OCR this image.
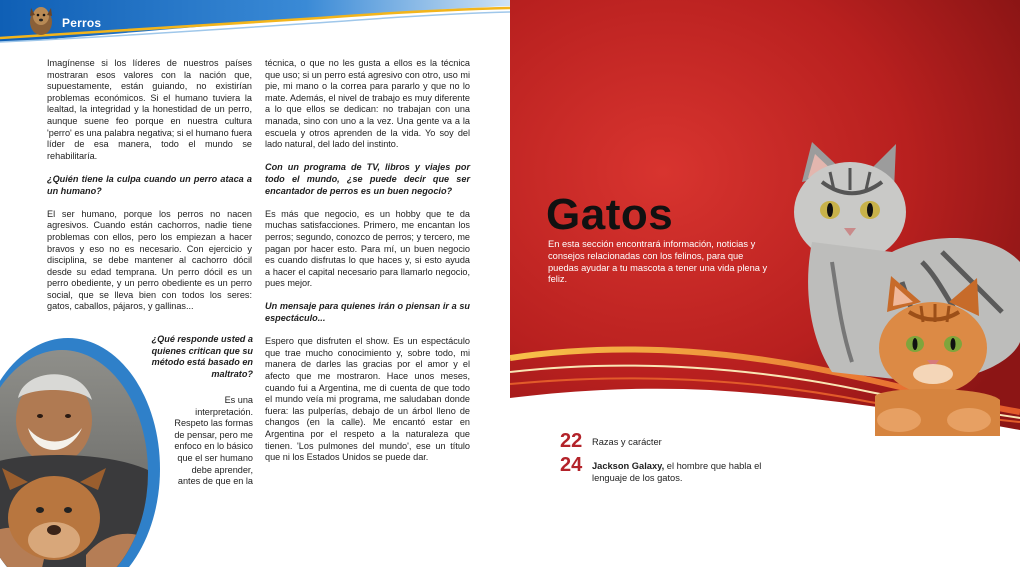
Perros

Imagínense si los líderes de nuestros países mostraran esos valores con la nación que, supuestamente, están guiando, no existirían problemas económicos. Si el humano tuviera la lealtad, la integridad y la honestidad de un perro, aunque suene feo porque en nuestra cultura 'perro' es una palabra negativa; si el humano fuera líder de esa manera, todo el mundo se rehabilitaría.

¿Quién tiene la culpa cuando un perro ataca a un humano?

El ser humano, porque los perros no nacen agresivos. Cuando están cachorros, nadie tiene problemas con ellos, pero los empiezan a hacer bravos y eso no es necesario. Con ejercicio y disciplina, se debe mantener al cachorro dócil desde su edad temprana. Un perro dócil es un perro obediente, y un perro obediente es un perro social, que se lleva bien con todos los seres: gatos, caballos, pájaros, y gallinas...

¿Qué responde usted a quienes critican que su método está basado en maltrato?
Es una interpretación. Respeto las formas de pensar, pero me enfoco en lo básico que el ser humano debe aprender, antes de que en la

técnica, o que no les gusta a ellos es la técnica que uso; si un perro está agresivo con otro, uso mi pie, mi mano o la correa para pararlo y que no lo mate. Además, el nivel de trabajo es muy diferente a lo que ellos se dedican: no trabajan con una manada, sino con uno a la vez. Una gente va a la escuela y otros aprenden de la vida. Yo soy del lado natural, del lado del instinto.

Con un programa de TV, libros y viajes por todo el mundo, ¿se puede decir que ser encantador de perros es un buen negocio?

Es más que negocio, es un hobby que te da muchas satisfacciones. Primero, me encantan los perros; segundo, conozco de perros; y tercero, me pagan por hacer esto. Para mí, un buen negocio es cuando disfrutas lo que haces y, si esto ayuda a hacer el capital necesario para llamarlo negocio, pues mejor.

Un mensaje para quienes irán o piensan ir a su espectáculo...

Espero que disfruten el show. Es un espectáculo que trae mucho conocimiento y, sobre todo, mi manera de darles las gracias por el amor y el afecto que me mostraron. Hace unos meses, cuando fui a Argentina, me di cuenta de que todo el mundo veía mi programa, me saludaban donde fuera: las pulperías, debajo de un árbol lleno de changos (en la calle). Me encantó estar en Argentina por el respeto a la naturaleza que tienen. 'Los pulmones del mundo', ese un título que ni los Estados Unidos se puede dar.

Gatos
En esta sección encontrará información, noticias y consejos relacionadas con los felinos, para que puedas ayudar a tu mascota a tener una vida plena y feliz.
22 Razas y carácter
24 Jackson Galaxy, el hombre que habla el lenguaje de los gatos.
